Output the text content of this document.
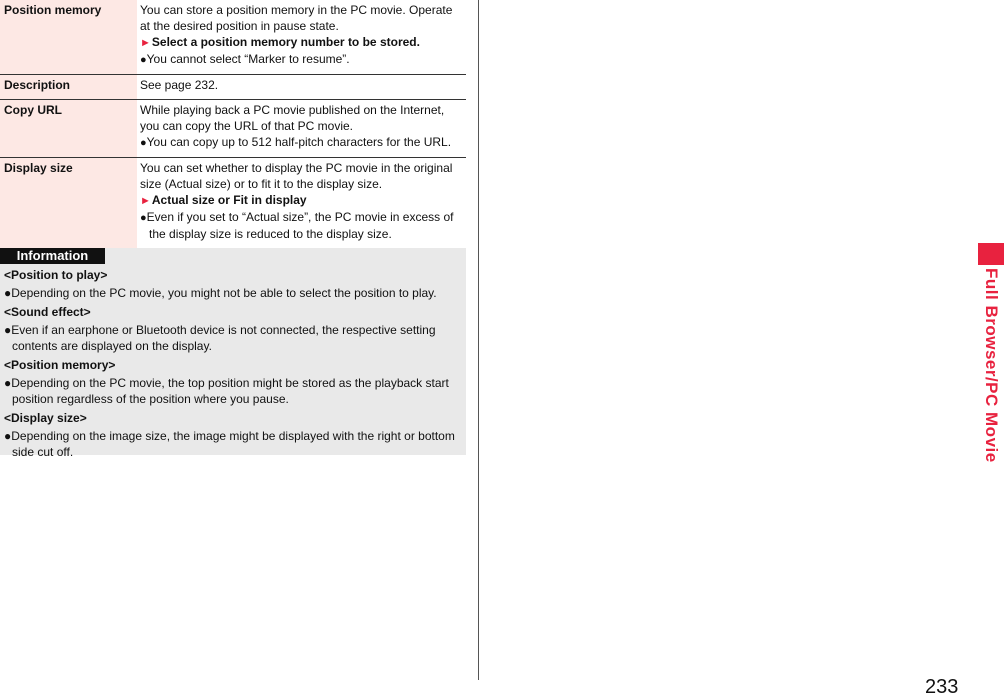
Position memory	You can store a position memory in the PC movie. Operate at the desired position in pause state.
►Select a position memory number to be stored.
●You cannot select “Marker to resume”.

Description	See page 232.

Copy URL	While playing back a PC movie published on the Internet, you can copy the URL of that PC movie.
●You can copy up to 512 half-pitch characters for the URL.

Display size	You can set whether to display the PC movie in the original size (Actual size) or to fit it to the display size.
►Actual size or Fit in display
●Even if you set to “Actual size”, the PC movie in excess of the display size is reduced to the display size.
Information
<Position to play>
●Depending on the PC movie, you might not be able to select the position to play.
<Sound effect>
●Even if an earphone or Bluetooth device is not connected, the respective setting contents are displayed on the display.
<Position memory>
●Depending on the PC movie, the top position might be stored as the playback start position regardless of the position where you pause.
<Display size>
●Depending on the image size, the image might be displayed with the right or bottom side cut off.	Full Browser/PC Movie
233
